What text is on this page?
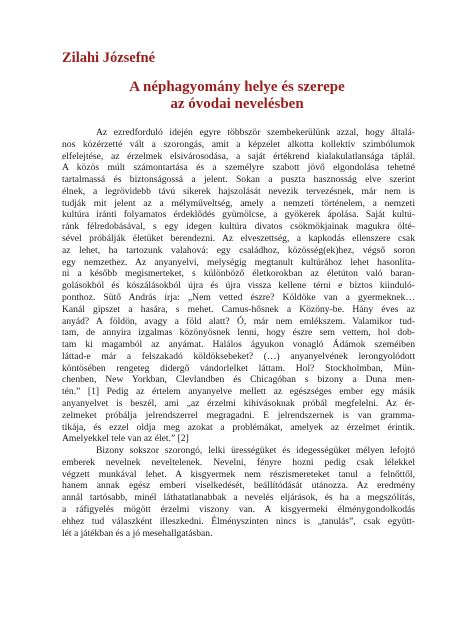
Zilahi Józsefné
A néphagyomány helye és szerepe
az óvodai nevelésben
Az ezredforduló idején egyre többször szembekerülünk azzal, hogy általá-
nos közérzetté vált a szorongás, amit a képzelet alkotta kollektív szimbólumok
elfelejtése, az érzelmek elsivárosodása, a saját értékrend kialakulatlansága táplál.
A közös múlt számontartása és a személyre szabott jövő elgondolása tehetné
tartalmassá és biztonságossá a jelent. Sokan a puszta hasznosság elve szerint
élnek, a legrövidebb távú sikerek hajszolását nevezik tervezésnek, már nem is
tudják mit jelent az a mélyműveltség, amely a nemzeti történelem, a nemzeti
kultúra iránti folyamatos érdeklődés gyümölcse, a gyökerek ápolása. Saját kultú-
ránk félredobásával, s egy idegen kultúra divatos csökmökjainak magukra ölté-
sével próbálják életüket berendezni. Az elveszettség, a kapkodás ellenszere csak
az lehet, ha tartozunk valahová: egy családhoz, közösség(ek)hez, végső soron
egy nemzethez. Az anyanyelvi, melységig megtanult kultúrához lehet hasonlíta-
ni a később megismerteket, s különböző életkorokban az életúton való baran-
golásokból és kószálásokból újra és újra vissza kellene térni e biztos kiinduló-
ponthoz. Sütő András írja: „Nem vetted észre? Köldöke van a gyermeknek…
Kanál gipszet a hasára, s mehet. Camus-hősnek a Közöny-be. Hány éves az
anyád? A földön, avagy a föld alatt? Ó, már nem emlékszem. Valamikor tud-
tam, de annyira izgalmas közönyösnek lenni, hogy észre sem vettem, hol dob-
tam ki magamból az anyámat. Halálos ágyukon vonagló Ádámok szeméiben
láttad-e már a felszakadó köldöksebeket? (…) anyanyelvének lerongyolódott
köntösében rengeteg didergő vándorlelket láttam. Hol? Stockholmban, Mün-
chenben, New Yorkban, Clevlandben és Chicagóban s bizony a Duna men-
tén.” [1] Pedig az értelem anyanyelve mellett az egészséges ember egy másik
anyanyelvet is beszél, ami „az érzelmi kihívásoknak próbál megfelelni. Az ér-
zelmeket próbálja jelrendszerrel megragadni. E jelrendszernek is van gramma-
tikája, és ezzel oldja meg azokat a problémákat, amelyek az érzelmet érintik.
Amelyekkel tele van az élet.” [2]
Bizony sokszor szorongó, lelki ürességüket és idegességüket mélyen lefojtó
emberek nevelnek neveltelenek. Nevelni, fényre hozni pedig csak lélekkel
végzett munkával lehet. A kisgyermek nem részismereteket tanul a felnőttől,
hanem annak egész emberi viselkedését, beállítódását utánozza. Az eredmény
annál tartósabb, minél láthatatlanabbak a nevelés eljárások, és ha a megszólítás,
a ráfigyelés mögött érzelmi viszony van. A kisgyermeki élménygondolkodás
ehhez tud válaszként illeszkedni. Élményszinten nincs is „tanulás”, csak együtt-
lét a játékban és a jó mesehallgatásban.
